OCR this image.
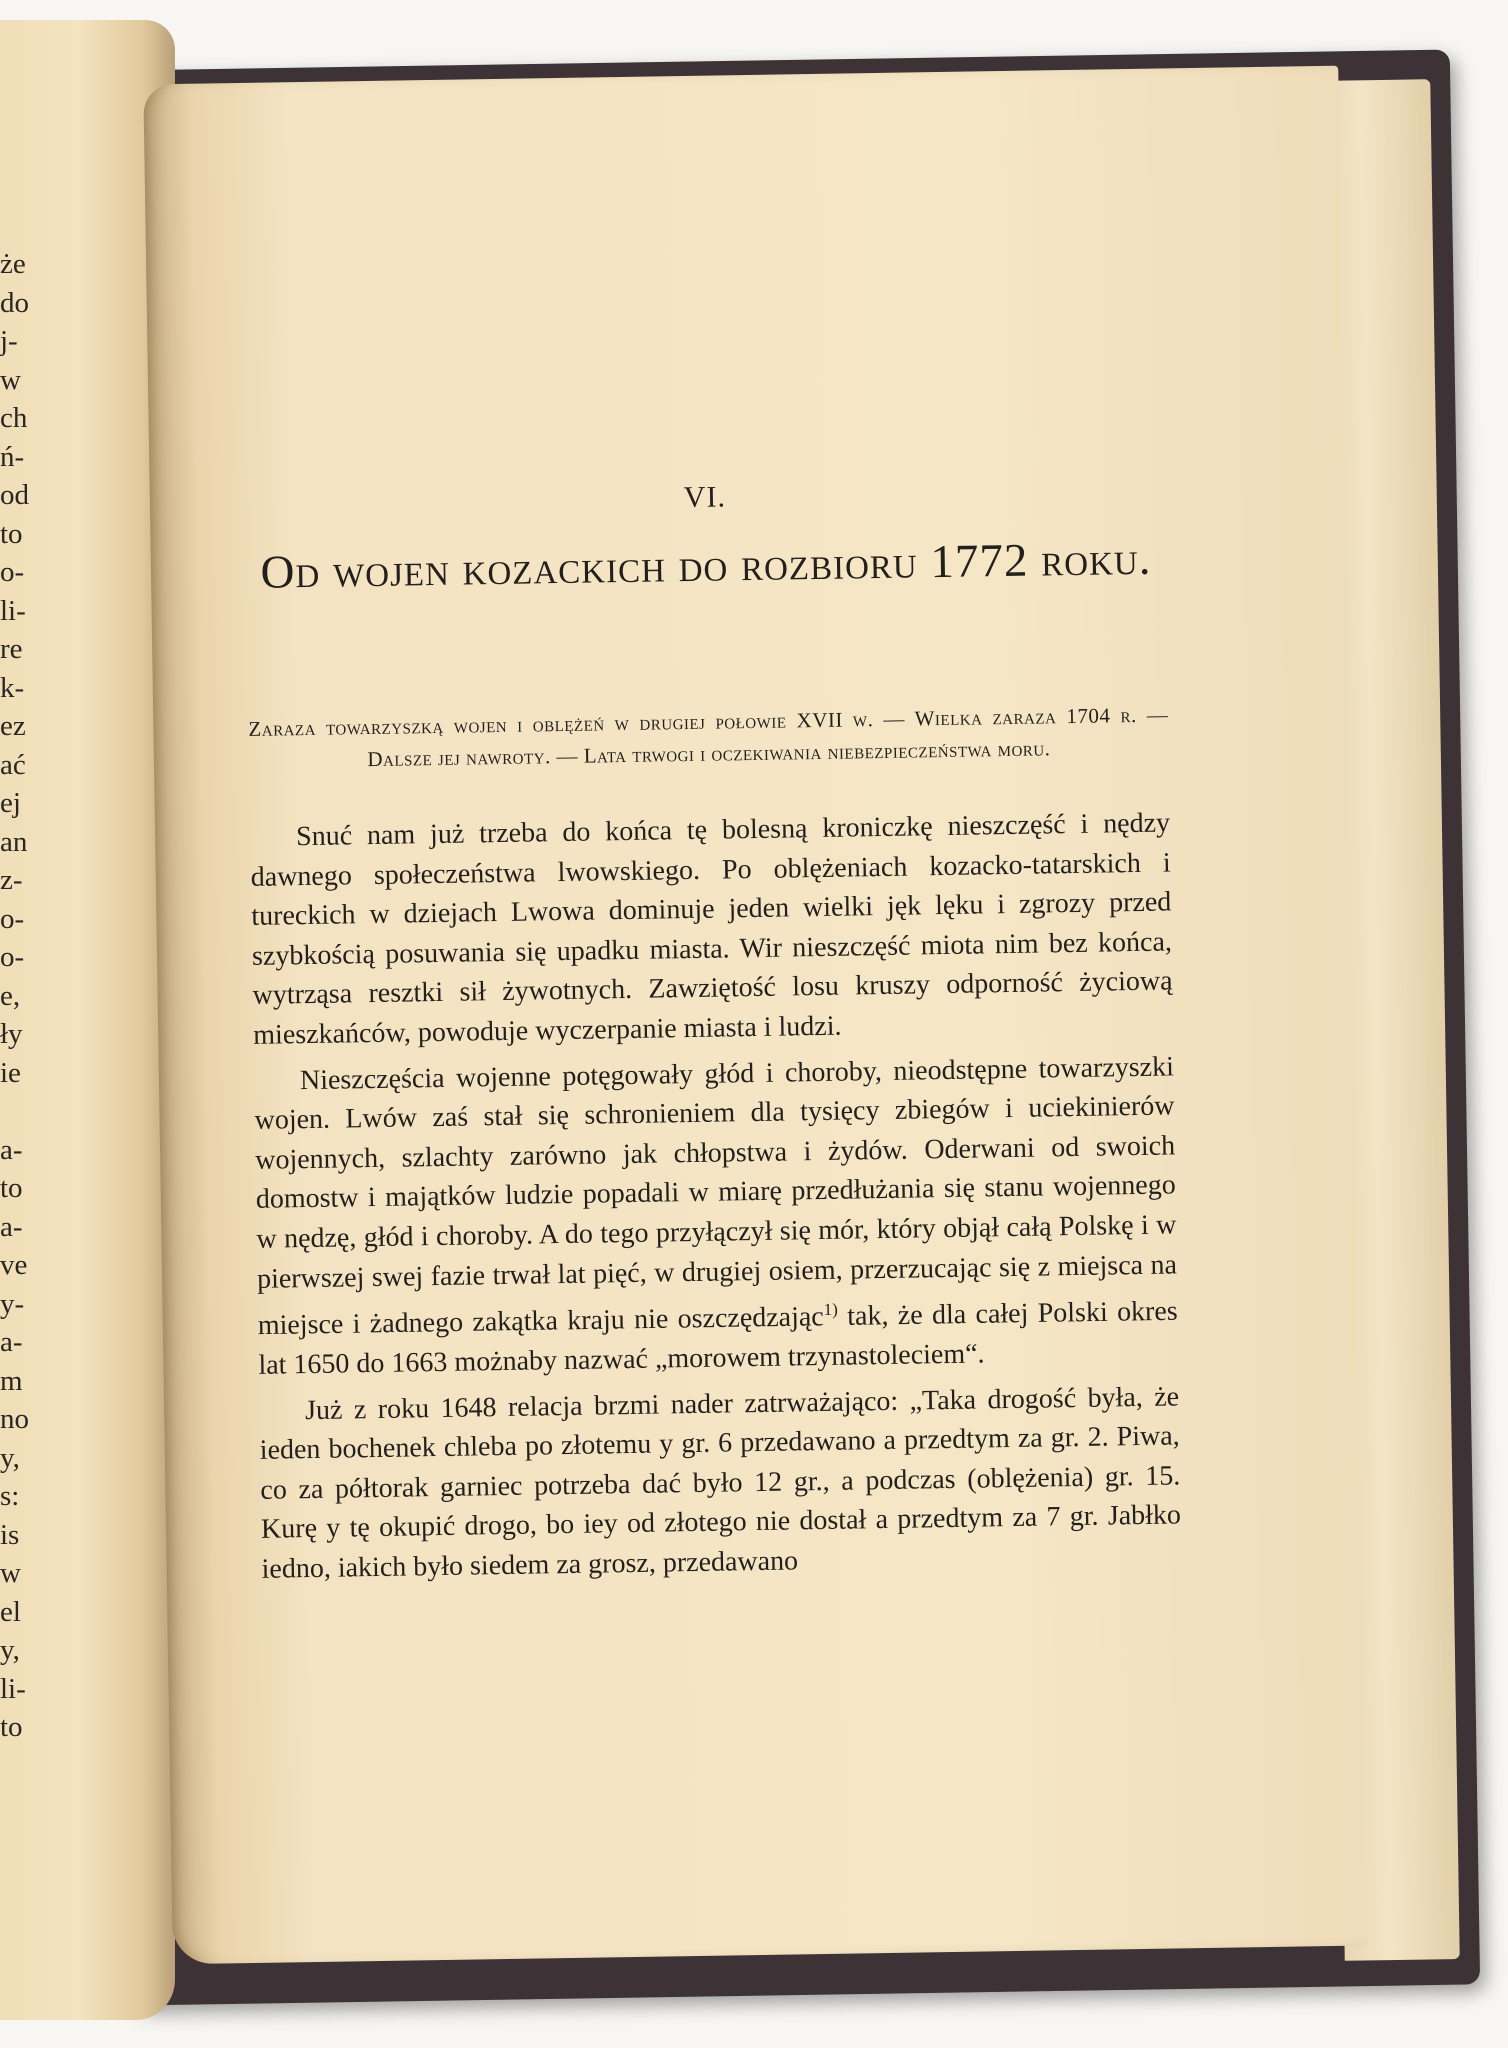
że
do
j-
w
ch
ń-
od
to
o-
li-
re
k-
ez
ać
ej
an
z-
o-
o-
e,
ły
ie
a-
to
a-
ve
y-
a-
m
no
y,
s:
is
w
el
y,
li-
to
VI.
Od wojen kozackich do rozbioru 1772 roku.

Zaraza towarzyszką wojen i oblężeń w drugiej połowie XVII w. — Wielka zaraza 1704 r. — Dalsze jej nawroty. — Lata trwogi i oczekiwania niebezpieczeństwa moru.

Snuć nam już trzeba do końca tę bolesną kroniczkę nieszczęść i nędzy dawnego społeczeństwa lwowskiego. Po oblężeniach kozacko-tatarskich i tureckich w dziejach Lwowa dominuje jeden wielki jęk lęku i zgrozy przed szybkością posuwania się upadku miasta. Wir nieszczęść miota nim bez końca, wytrząsa resztki sił żywotnych. Zawziętość losu kruszy odporność życiową mieszkańców, powoduje wyczerpanie miasta i ludzi.

Nieszczęścia wojenne potęgowały głód i choroby, nieodstępne towarzyszki wojen. Lwów zaś stał się schronieniem dla tysięcy zbiegów i uciekinierów wojennych, szlachty zarówno jak chłopstwa i żydów. Oderwani od swoich domostw i majątków ludzie popadali w miarę przedłużania się stanu wojennego w nędzę, głód i choroby. A do tego przyłączył się mór, który objął całą Polskę i w pierwszej swej fazie trwał lat pięć, w drugiej osiem, przerzucając się z miejsca na miejsce i żadnego zakątka kraju nie oszczędzając$^{1)}$ tak, że dla całej Polski okres lat 1650 do 1663 możnaby nazwać „morowem trzynastoleciem“.

Już z roku 1648 relacja brzmi nader zatrważająco: „Taka drogość była, że ieden bochenek chleba po złotemu y gr. 6 przedawano a przedtym za gr. 2. Piwa, co za półtorak garniec potrzeba dać było 12 gr., a podczas (oblężenia) gr. 15. Kurę y tę okupić drogo, bo iey od złotego nie dostał a przedtym za 7 gr. Jabłko iedno, iakich było siedem za grosz, przedawano
